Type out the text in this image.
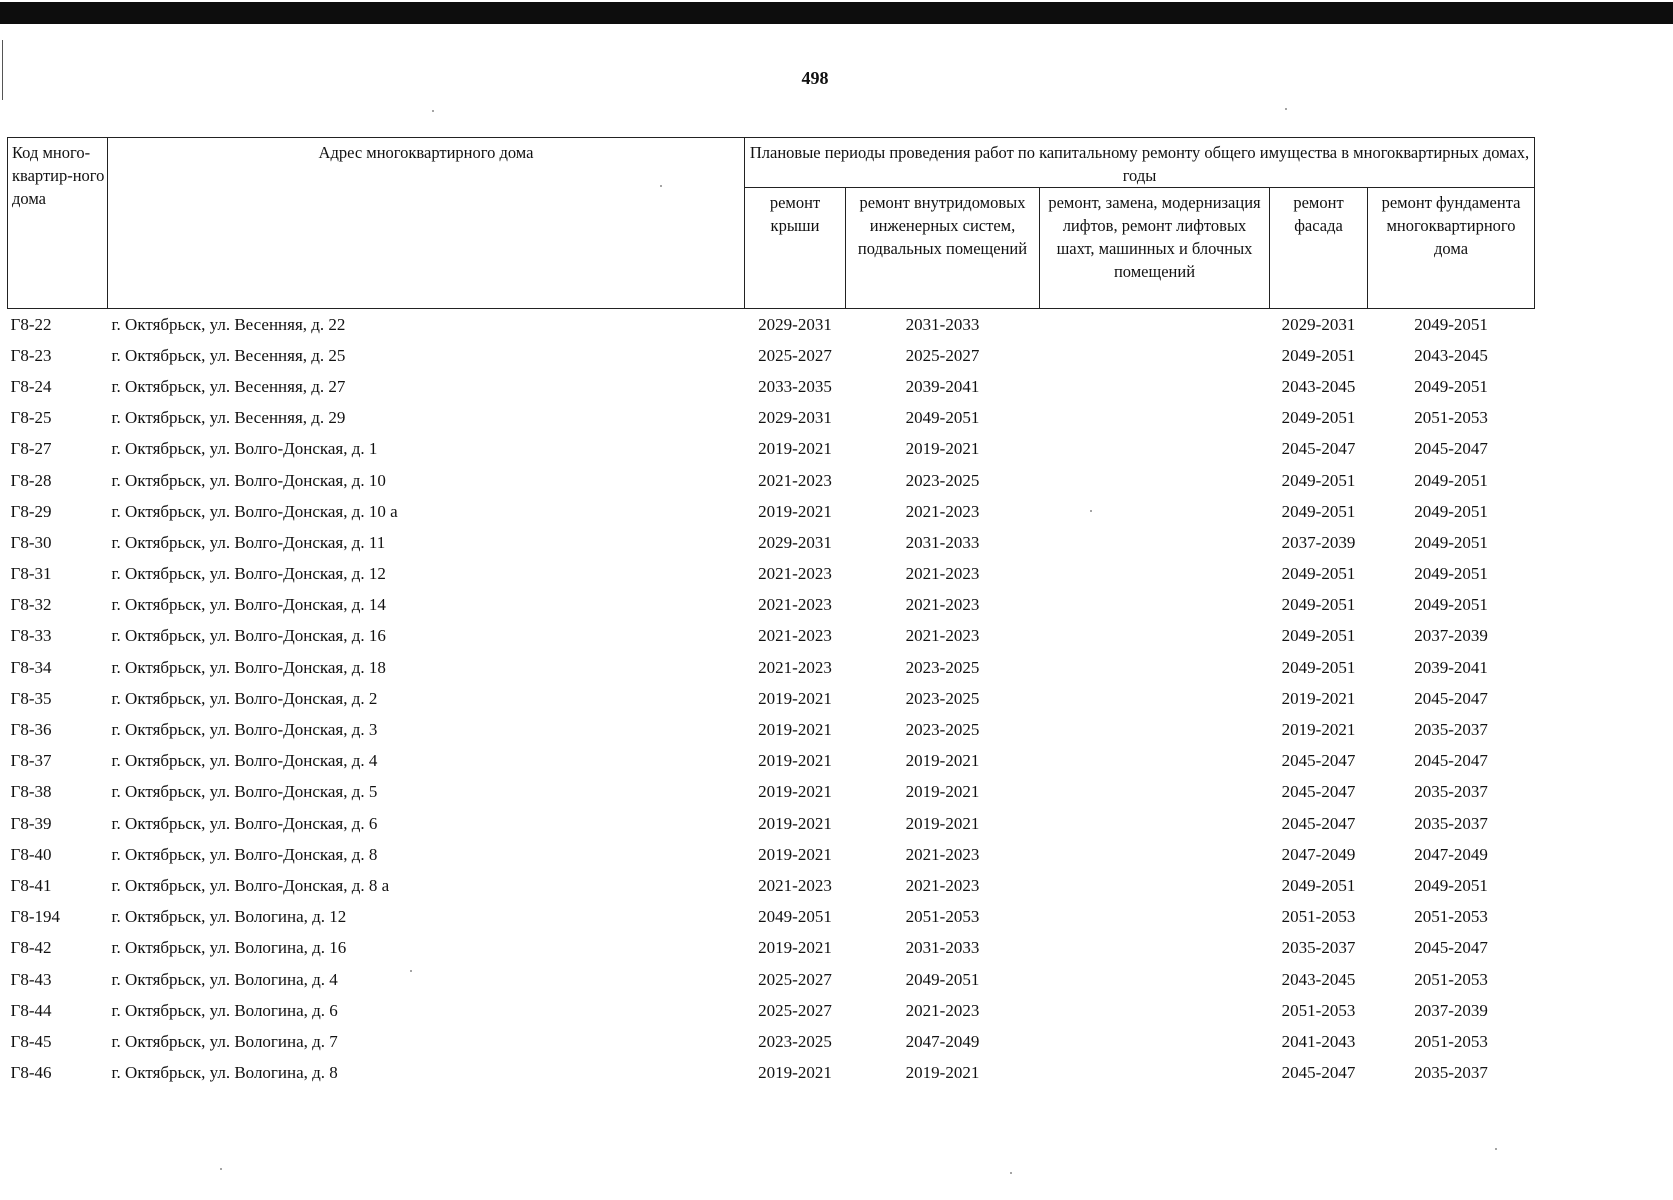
498
Код много-квартир-ного дома	Адрес многоквартирного дома	Плановые периоды проведения работ по капитальному ремонту общего имущества в многоквартирных домах, годы				
		ремонт крыши	ремонт внутридомовых инженерных систем, подвальных помещений	ремонт, замена, модернизация лифтов, ремонт лифтовых шахт, машинных и блочных помещений	ремонт фасада	ремонт фундамента многоквартирного дома
Г8-22	г. Октябрьск, ул. Весенняя, д. 22	2029-2031	2031-2033		2029-2031	2049-2051
Г8-23	г. Октябрьск, ул. Весенняя, д. 25	2025-2027	2025-2027		2049-2051	2043-2045
Г8-24	г. Октябрьск, ул. Весенняя, д. 27	2033-2035	2039-2041		2043-2045	2049-2051
Г8-25	г. Октябрьск, ул. Весенняя, д. 29	2029-2031	2049-2051		2049-2051	2051-2053
Г8-27	г. Октябрьск, ул. Волго-Донская, д. 1	2019-2021	2019-2021		2045-2047	2045-2047
Г8-28	г. Октябрьск, ул. Волго-Донская, д. 10	2021-2023	2023-2025		2049-2051	2049-2051
Г8-29	г. Октябрьск, ул. Волго-Донская, д. 10 а	2019-2021	2021-2023		2049-2051	2049-2051
Г8-30	г. Октябрьск, ул. Волго-Донская, д. 11	2029-2031	2031-2033		2037-2039	2049-2051
Г8-31	г. Октябрьск, ул. Волго-Донская, д. 12	2021-2023	2021-2023		2049-2051	2049-2051
Г8-32	г. Октябрьск, ул. Волго-Донская, д. 14	2021-2023	2021-2023		2049-2051	2049-2051
Г8-33	г. Октябрьск, ул. Волго-Донская, д. 16	2021-2023	2021-2023		2049-2051	2037-2039
Г8-34	г. Октябрьск, ул. Волго-Донская, д. 18	2021-2023	2023-2025		2049-2051	2039-2041
Г8-35	г. Октябрьск, ул. Волго-Донская, д. 2	2019-2021	2023-2025		2019-2021	2045-2047
Г8-36	г. Октябрьск, ул. Волго-Донская, д. 3	2019-2021	2023-2025		2019-2021	2035-2037
Г8-37	г. Октябрьск, ул. Волго-Донская, д. 4	2019-2021	2019-2021		2045-2047	2045-2047
Г8-38	г. Октябрьск, ул. Волго-Донская, д. 5	2019-2021	2019-2021		2045-2047	2035-2037
Г8-39	г. Октябрьск, ул. Волго-Донская, д. 6	2019-2021	2019-2021		2045-2047	2035-2037
Г8-40	г. Октябрьск, ул. Волго-Донская, д. 8	2019-2021	2021-2023		2047-2049	2047-2049
Г8-41	г. Октябрьск, ул. Волго-Донская, д. 8 а	2021-2023	2021-2023		2049-2051	2049-2051
Г8-194	г. Октябрьск, ул. Вологина, д. 12	2049-2051	2051-2053		2051-2053	2051-2053
Г8-42	г. Октябрьск, ул. Вологина, д. 16	2019-2021	2031-2033		2035-2037	2045-2047
Г8-43	г. Октябрьск, ул. Вологина, д. 4	2025-2027	2049-2051		2043-2045	2051-2053
Г8-44	г. Октябрьск, ул. Вологина, д. 6	2025-2027	2021-2023		2051-2053	2037-2039
Г8-45	г. Октябрьск, ул. Вологина, д. 7	2023-2025	2047-2049		2041-2043	2051-2053
Г8-46	г. Октябрьск, ул. Вологина, д. 8	2019-2021	2019-2021		2045-2047	2035-2037
